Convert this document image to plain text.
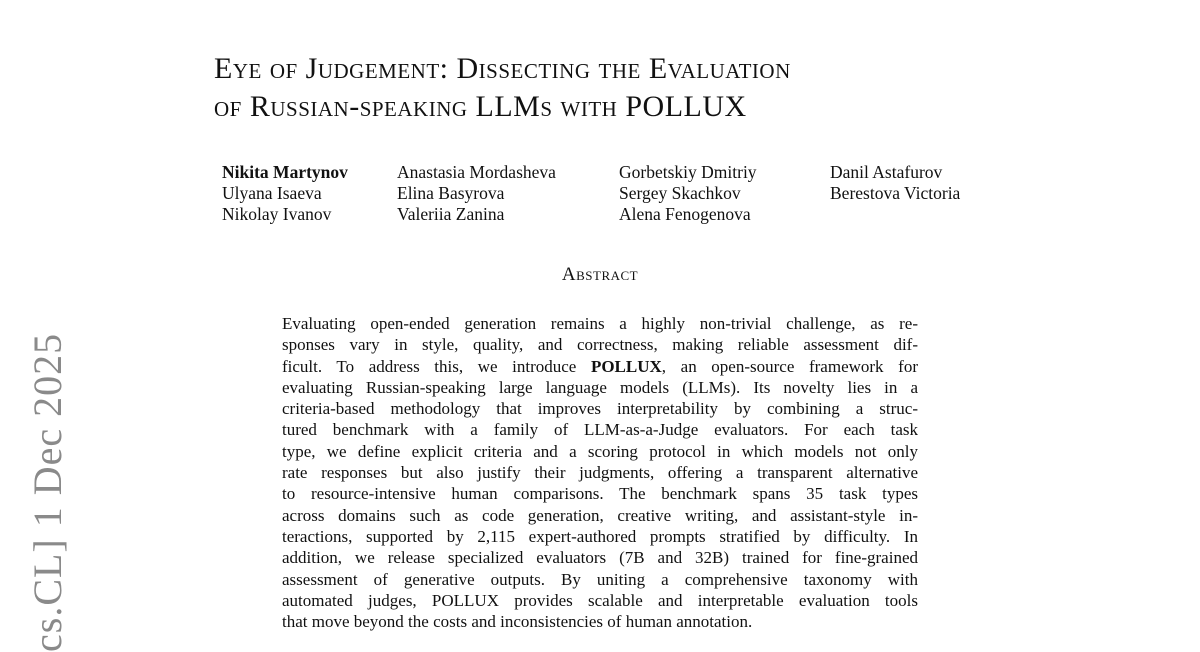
cs.CL] 1 Dec 2025
Eye of Judgement: Dissecting the Evaluation
of Russian-speaking LLMs with POLLUX
Nikita Martynov
Ulyana Isaeva
Nikolay Ivanov
Anastasia Mordasheva
Elina Basyrova
Valeriia Zanina
Gorbetskiy Dmitriy
Sergey Skachkov
Alena Fenogenova
Danil Astafurov
Berestova Victoria
Abstract

Evaluating open-ended generation remains a highly non-trivial challenge, as re-
sponses vary in style, quality, and correctness, making reliable assessment dif-
ficult. To address this, we introduce POLLUX, an open-source framework for
evaluating Russian-speaking large language models (LLMs). Its novelty lies in a
criteria-based methodology that improves interpretability by combining a struc-
tured benchmark with a family of LLM-as-a-Judge evaluators. For each task
type, we define explicit criteria and a scoring protocol in which models not only
rate responses but also justify their judgments, offering a transparent alternative
to resource-intensive human comparisons. The benchmark spans 35 task types
across domains such as code generation, creative writing, and assistant-style in-
teractions, supported by 2,115 expert-authored prompts stratified by difficulty. In
addition, we release specialized evaluators (7B and 32B) trained for fine-grained
assessment of generative outputs. By uniting a comprehensive taxonomy with
automated judges, POLLUX provides scalable and interpretable evaluation tools
that move beyond the costs and inconsistencies of human annotation.
